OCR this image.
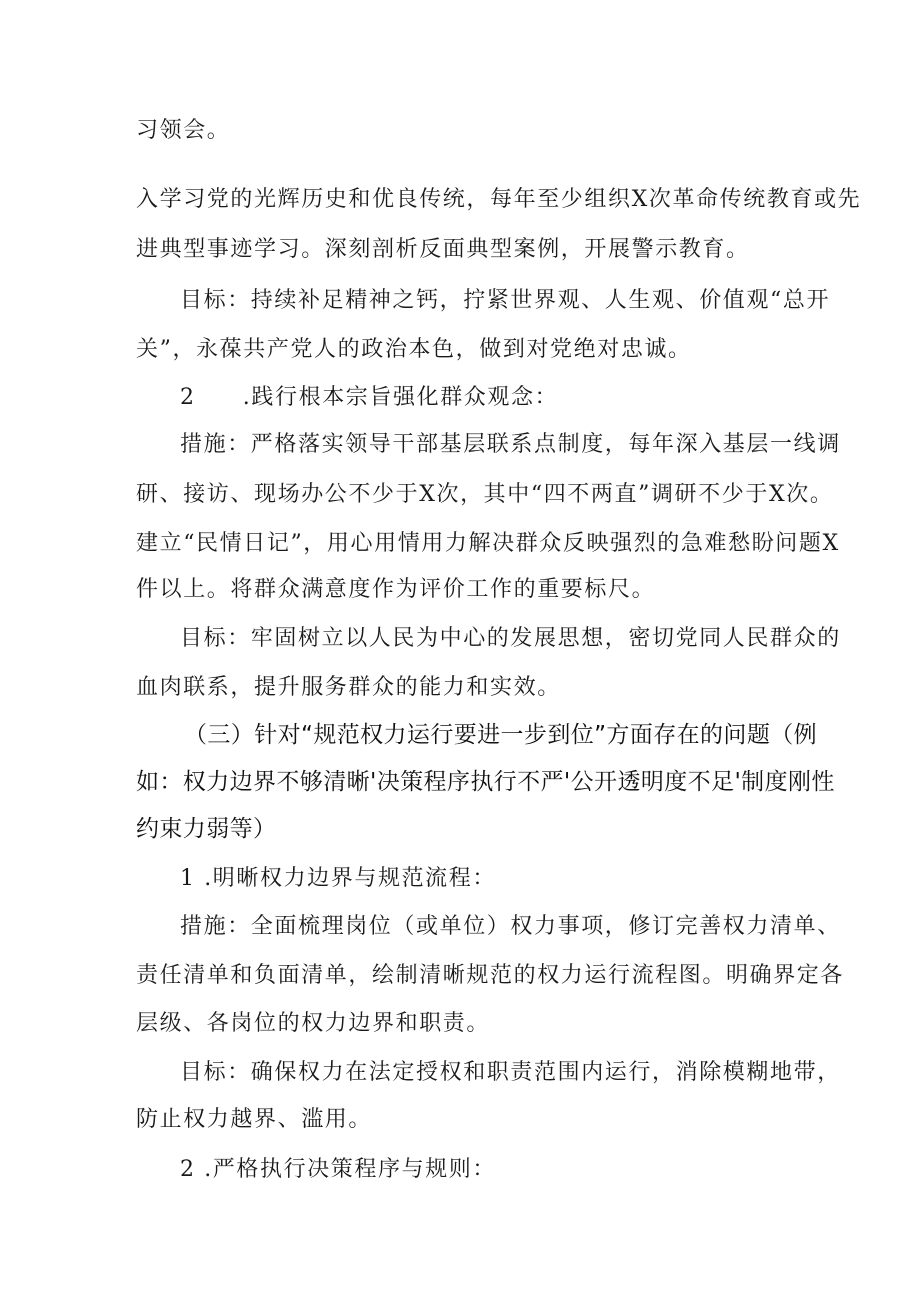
习领会。

入学习党的光辉历史和优良传统，每年至少组织X次革命传统教育或先

进典型事迹学习。深刻剖析反面典型案例，开展警示教育。

目标：持续补足精神之钙，拧紧世界观、人生观、价值观“总开

关”，永葆共产党人的政治本色，做到对党绝对忠诚。

2　　.践行根本宗旨强化群众观念：

措施：严格落实领导干部基层联系点制度，每年深入基层一线调

研、接访、现场办公不少于X次，其中“四不两直”调研不少于X次。

建立“民情日记”，用心用情用力解决群众反映强烈的急难愁盼问题X

件以上。将群众满意度作为评价工作的重要标尺。

目标：牢固树立以人民为中心的发展思想，密切党同人民群众的

血肉联系，提升服务群众的能力和实效。

（三）针对“规范权力运行要进一步到位”方面存在的问题（例

如：权力边界不够清晰'决策程序执行不严'公开透明度不足'制度刚性

约束力弱等）

1 .明晰权力边界与规范流程：

措施：全面梳理岗位（或单位）权力事项，修订完善权力清单、

责任清单和负面清单，绘制清晰规范的权力运行流程图。明确界定各

层级、各岗位的权力边界和职责。

目标：确保权力在法定授权和职责范围内运行，消除模糊地带，

防止权力越界、滥用。

2 .严格执行决策程序与规则：
